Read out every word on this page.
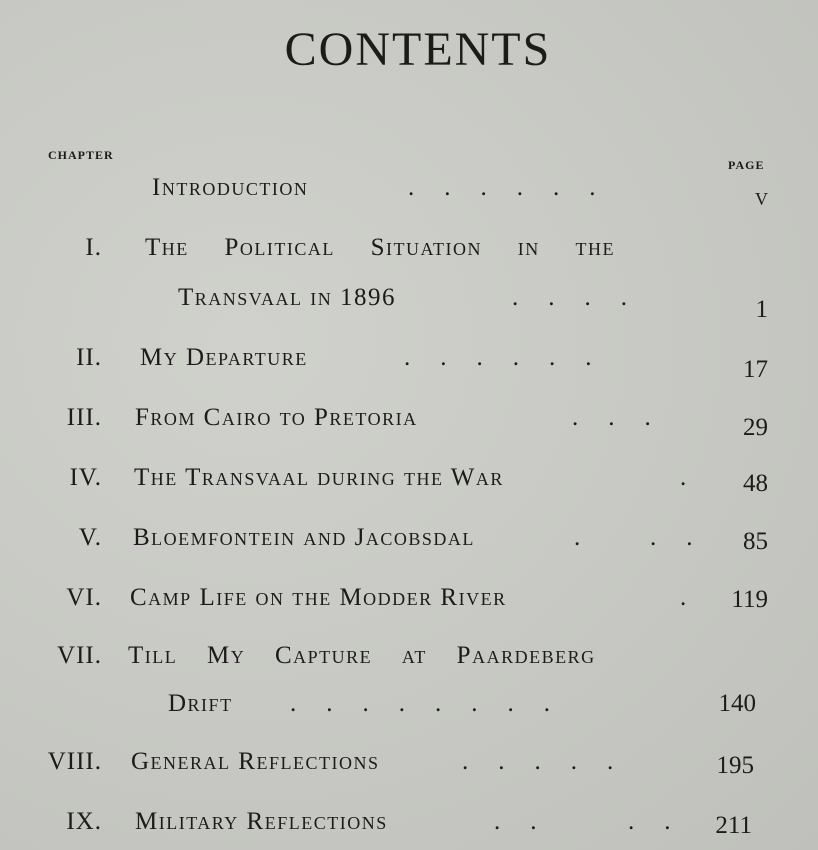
CONTENTS
CHAPTER
PAGE
Introduction	......	v
I. The Political Situation in the
Transvaal in 1896	....	1
II. My Departure	......	17
III. From Cairo to Pretoria	... 29
IV. The Transvaal during the War	. 48
V. Bloemfontein and Jacobsdal	. .. 85
VI. Camp Life on the Modder River	. 119
VII. Till My Capture at Paardeberg
Drift ........	140
VIII. General Reflections	.....	195
IX. Military Reflections	.. .. 211
